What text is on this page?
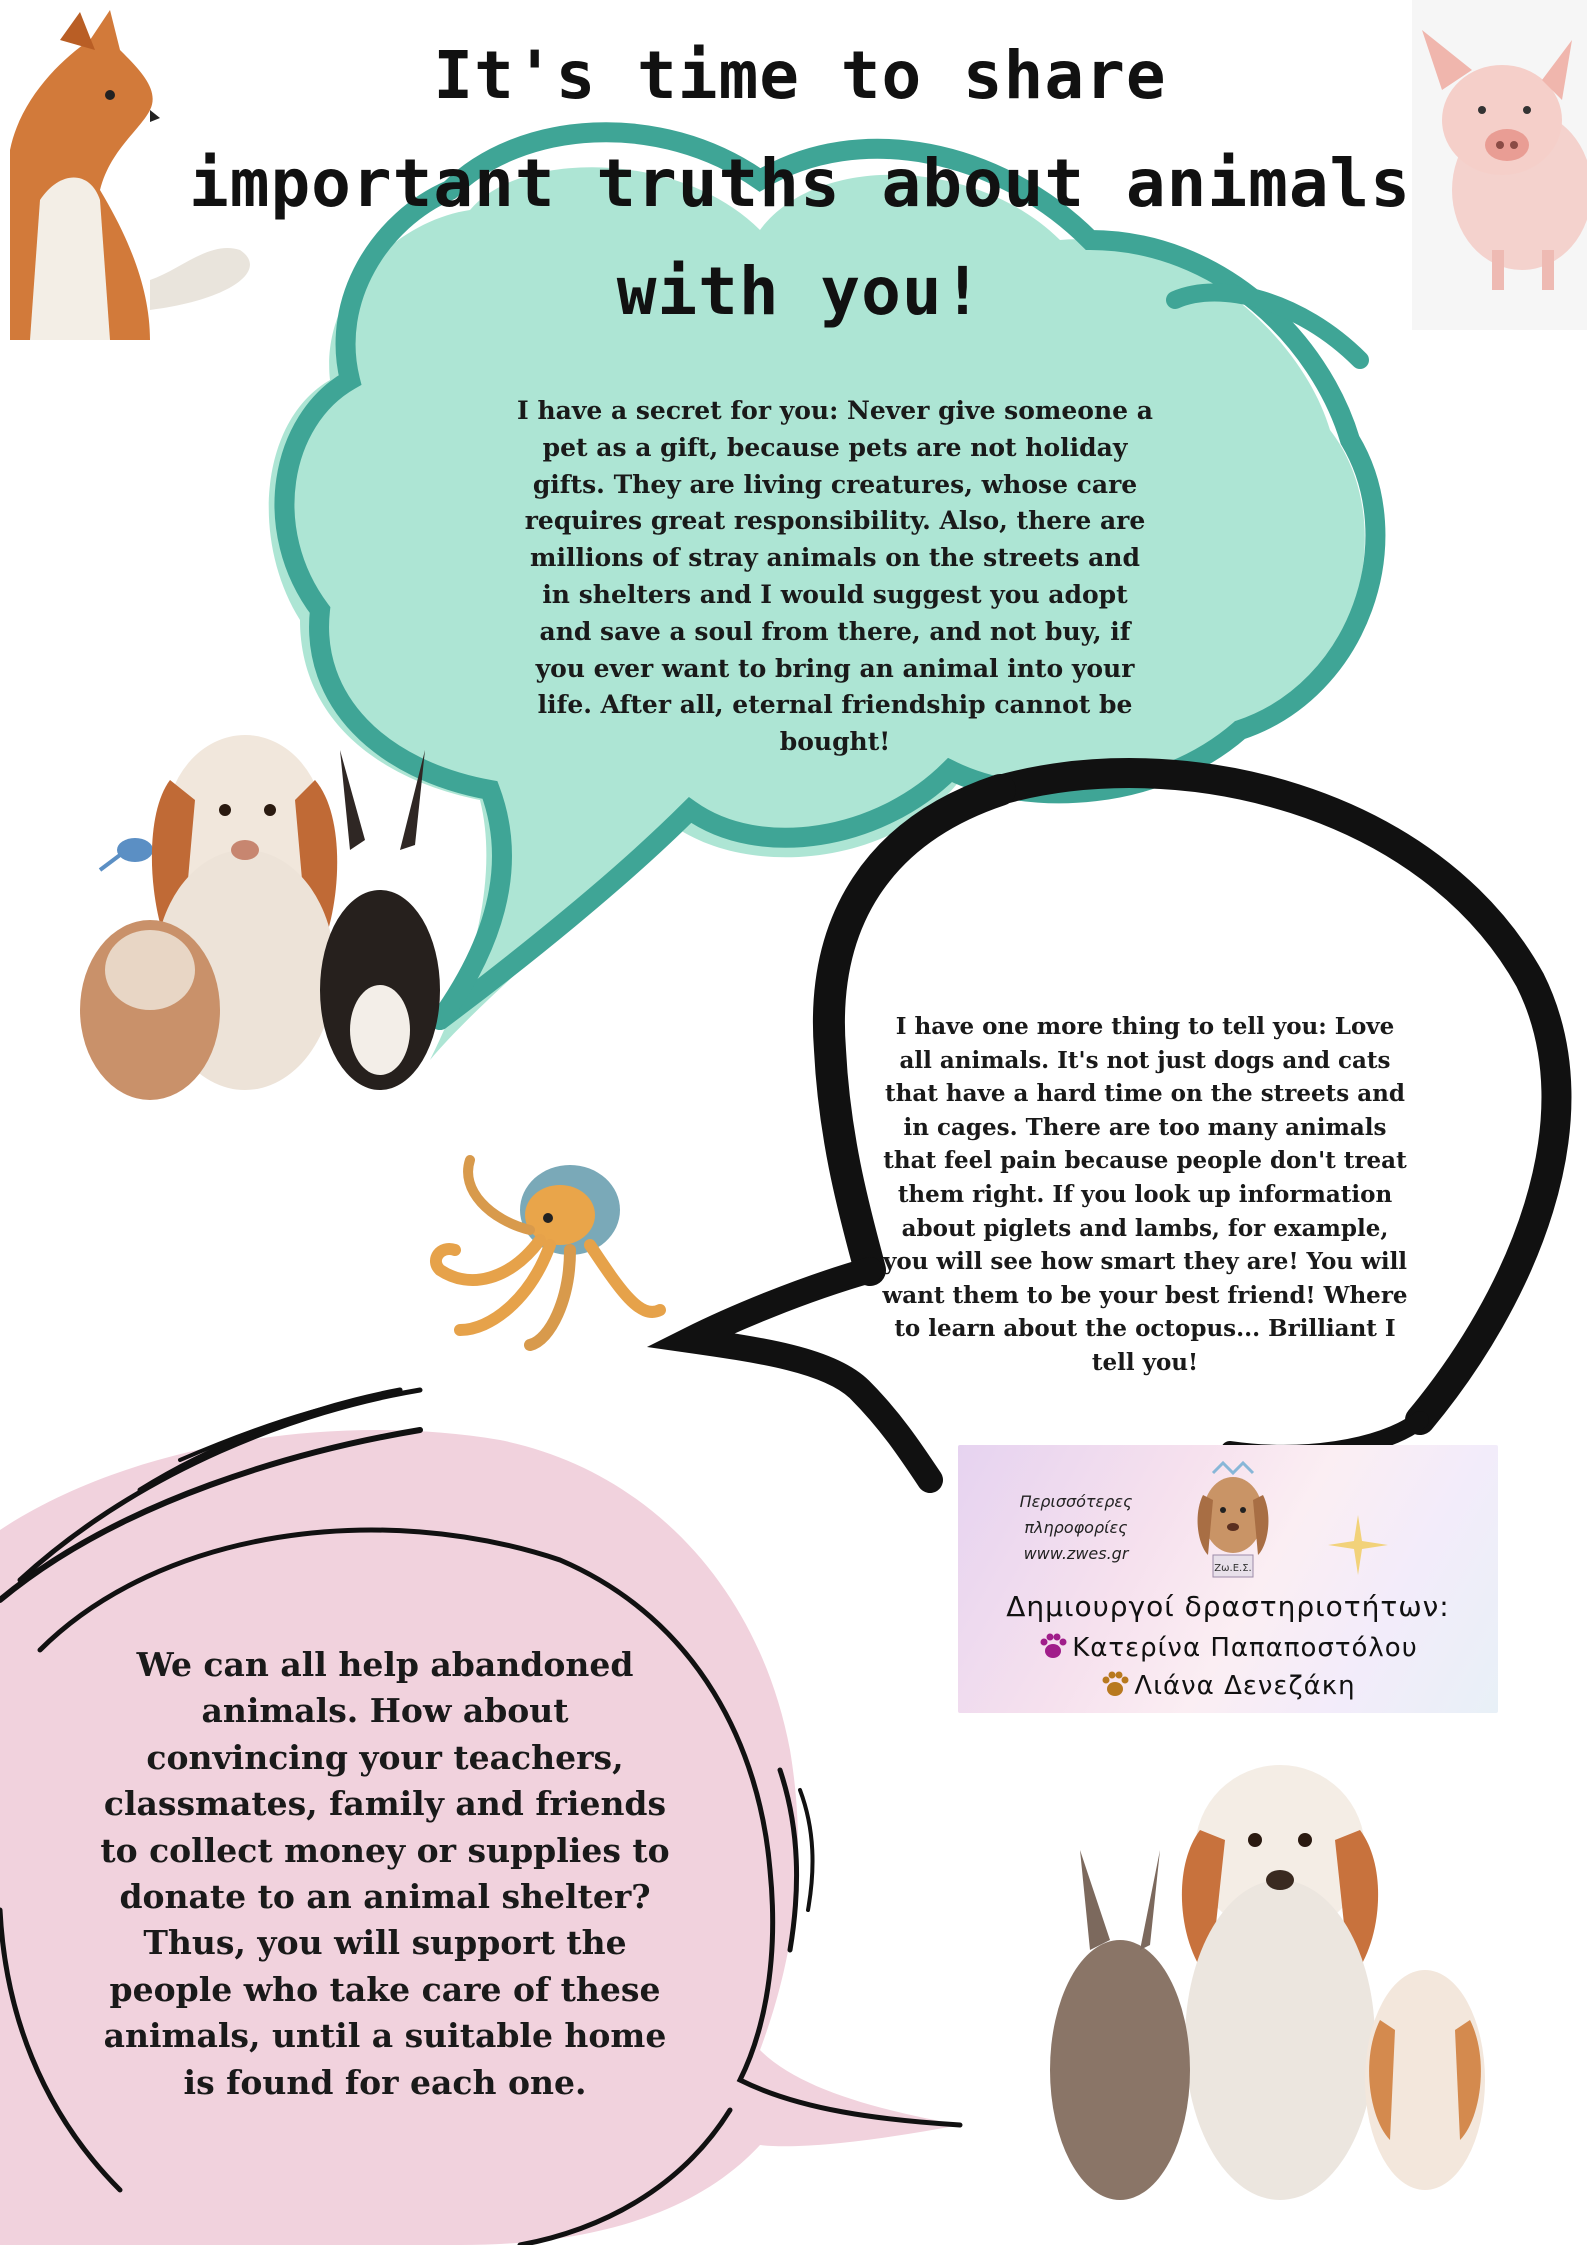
It's time to share
important truths about animals
with you!

I have a secret for you: Never give someone a pet as a gift, because pets are not holiday gifts. They are living creatures, whose care requires great responsibility. Also, there are millions of stray animals on the streets and in shelters and I would suggest you adopt and save a soul from there, and not buy, if you ever want to bring an animal into your life. After all, eternal friendship cannot be bought!

I have one more thing to tell you: Love all animals. It's not just dogs and cats that have a hard time on the streets and in cages. There are too many animals that feel pain because people don't treat them right. If you look up information about piglets and lambs, for example, you will see how smart they are! You will want them to be your best friend! Where to learn about the octopus... Brilliant I tell you!

We can all help abandoned animals. How about convincing your teachers, classmates, family and friends to collect money or supplies to donate to an animal shelter? Thus, you will support the people who take care of these animals, until a suitable home is found for each one.

Περισσότερες
πληροφορίες
www.zwes.gr
Ζω.Ε.Σ.
Δημιουργοί δραστηριοτήτων:
Κατερίνα Παπαποστόλου
Λιάνα Δενεζάκη
